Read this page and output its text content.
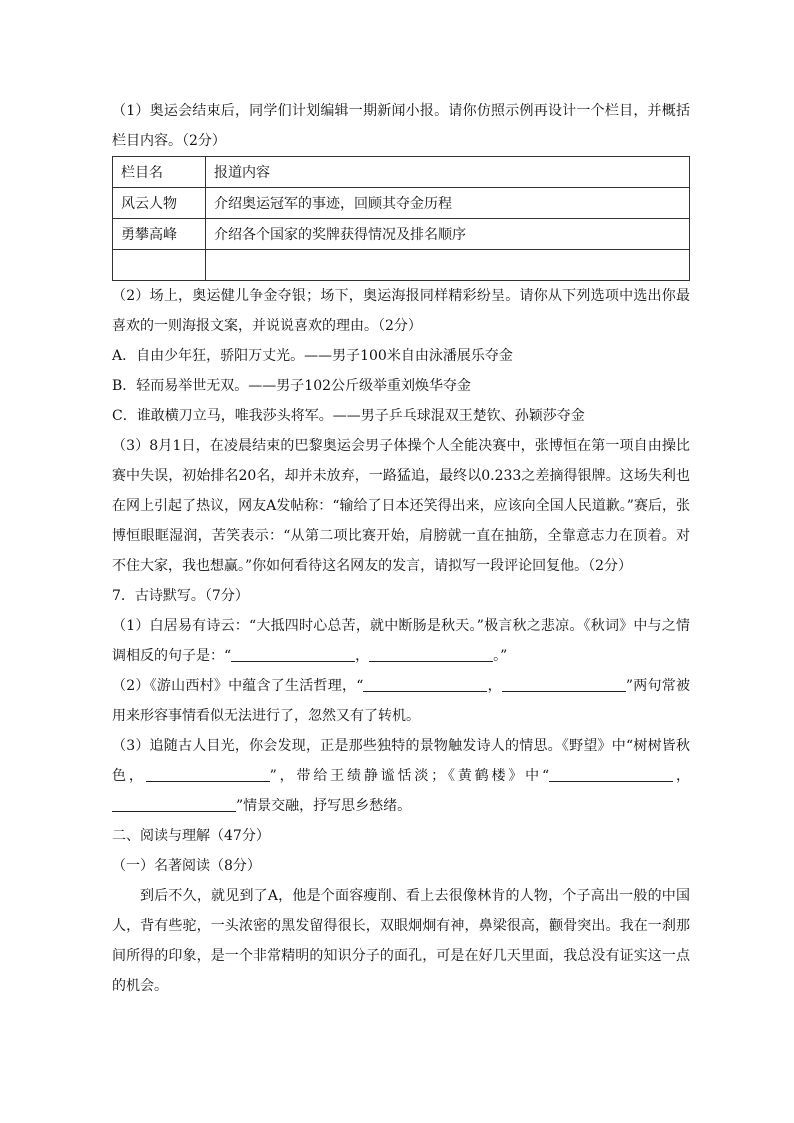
（1）奥运会结束后，同学们计划编辑一期新闻小报。请你仿照示例再设计一个栏目，并概括栏目内容。（2分）

栏目名	报道内容
风云人物	介绍奥运冠军的事迹，回顾其夺金历程
勇攀高峰	介绍各个国家的奖牌获得情况及排名顺序

（2）场上，奥运健儿争金夺银；场下，奥运海报同样精彩纷呈。请你从下列选项中选出你最喜欢的一则海报文案，并说说喜欢的理由。（2分）

A．自由少年狂，骄阳万丈光。——男子100米自由泳潘展乐夺金

B．轻而易举世无双。——男子102公斤级举重刘焕华夺金

C．谁敢横刀立马，唯我莎头将军。——男子乒乓球混双王楚钦、孙颖莎夺金

（3）8月1日，在凌晨结束的巴黎奥运会男子体操个人全能决赛中，张博恒在第一项自由操比赛中失误，初始排名20名，却并未放弃，一路猛追，最终以0.233之差摘得银牌。这场失利也在网上引起了热议，网友A发帖称：“输给了日本还笑得出来，应该向全国人民道歉。”赛后，张博恒眼眶湿润，苦笑表示：“从第二项比赛开始，肩膀就一直在抽筋，全靠意志力在顶着。对不住大家，我也想赢。”你如何看待这名网友的发言，请拟写一段评论回复他。（2分）

7．古诗默写。（7分）

（1）白居易有诗云：“大抵四时心总苦，就中断肠是秋天。”极言秋之悲凉。《秋词》中与之情调相反的句子是：“	，	。”

（2）《游山西村》中蕴含了生活哲理，“	，	”两句常被用来形容事情看似无法进行了，忽然又有了转机。

（3）追随古人目光，你会发现，正是那些独特的景物触发诗人的情思。《野望》中“树树皆秋色，	”，带给王绩静谧恬淡；《黄鹤楼》中“	，”情景交融，抒写思乡愁绪。

二、阅读与理解（47分）

（一）名著阅读（8分）

到后不久，就见到了A，他是个面容瘦削、看上去很像林肯的人物，个子高出一般的中国人，背有些驼，一头浓密的黑发留得很长，双眼炯炯有神，鼻梁很高，颧骨突出。我在一刹那间所得的印象，是一个非常精明的知识分子的面孔，可是在好几天里面，我总没有证实这一点的机会。
